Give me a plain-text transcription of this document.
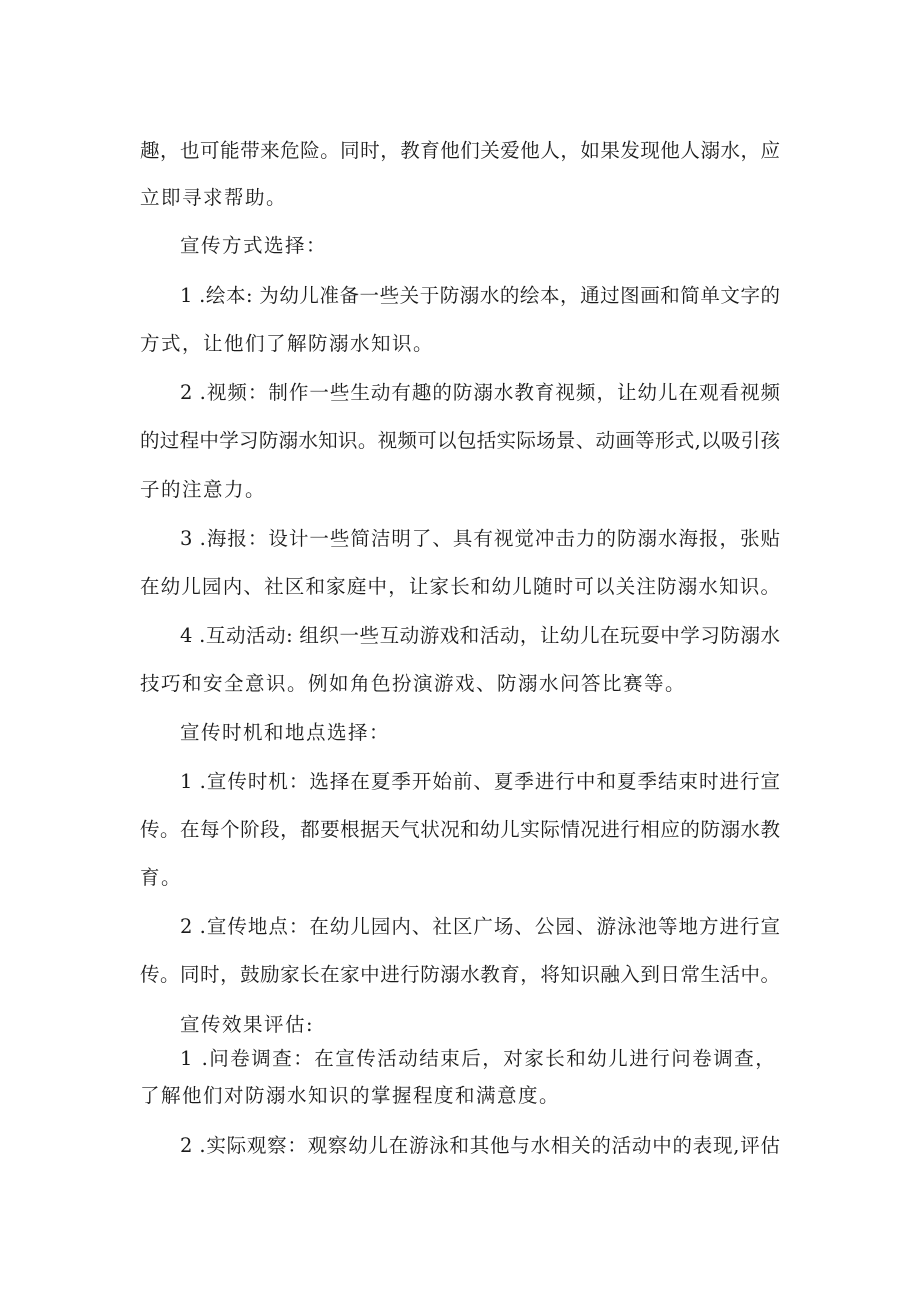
趣，也可能带来危险。同时，教育他们关爱他人，如果发现他人溺水，应
立即寻求帮助。
宣传方式选择：
1 .绘本: 为幼儿准备一些关于防溺水的绘本，通过图画和简单文字的
方式，让他们了解防溺水知识。
2 .视频：制作一些生动有趣的防溺水教育视频，让幼儿在观看视频
的过程中学习防溺水知识。视频可以包括实际场景、动画等形式,以吸引孩
子的注意力。
3 .海报：设计一些简洁明了、具有视觉冲击力的防溺水海报，张贴
在幼儿园内、社区和家庭中，让家长和幼儿随时可以关注防溺水知识。
4 .互动活动: 组织一些互动游戏和活动，让幼儿在玩耍中学习防溺水
技巧和安全意识。例如角色扮演游戏、防溺水问答比赛等。
宣传时机和地点选择：
1 .宣传时机：选择在夏季开始前、夏季进行中和夏季结束时进行宣
传。在每个阶段，都要根据天气状况和幼儿实际情况进行相应的防溺水教
育。
2 .宣传地点：在幼儿园内、社区广场、公园、游泳池等地方进行宣
传。同时，鼓励家长在家中进行防溺水教育，将知识融入到日常生活中。
宣传效果评估:
1 .问卷调查：在宣传活动结束后，对家长和幼儿进行问卷调查，
了解他们对防溺水知识的掌握程度和满意度。
2 .实际观察：观察幼儿在游泳和其他与水相关的活动中的表现,评估
